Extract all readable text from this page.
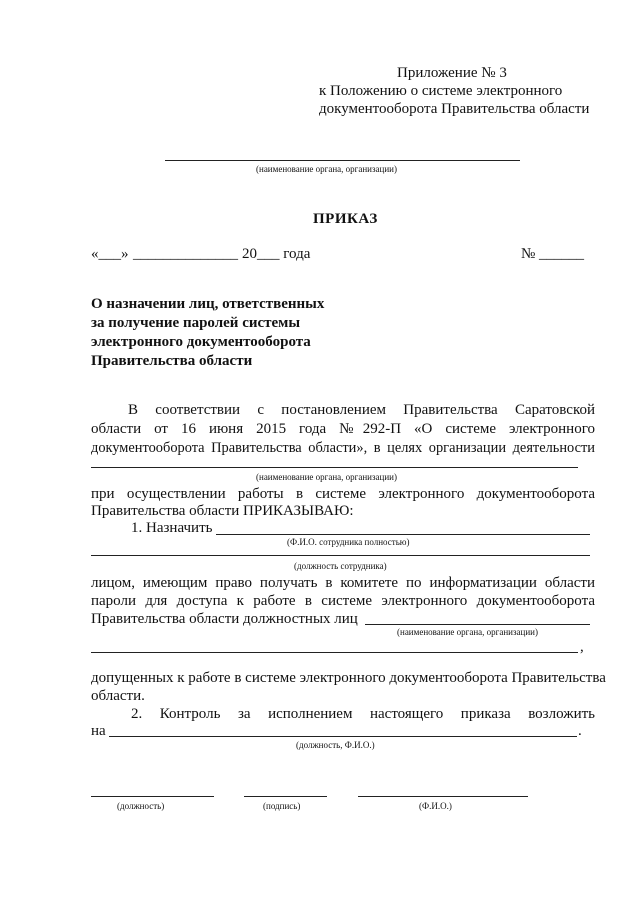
Приложение № 3
к Положению о системе электронного
документооборота Правительства области
(наименование органа, организации)
ПРИКАЗ
«___» ______________ 20___ года	№ ______
О назначении лиц, ответственных
за получение паролей системы
электронного документооборота
Правительства области
В соответствии с постановлением Правительства Саратовской
области от 16 июня 2015 года №292-П «О системе электронного
документооборота Правительства области», в целях организации деятельности
(наименование органа, организации)
при осуществлении работы в системе электронного документооборота
Правительства области ПРИКАЗЫВАЮ:
1. Назначить
(Ф.И.О. сотрудника полностью)
(должность сотрудника)
лицом, имеющим право получать в комитете по информатизации области
пароли для доступа к работе в системе электронного документооборота
Правительства области должностных лиц
(наименование органа, организации)
,
допущенных к работе в системе электронного документооборота Правительства
области.
2. Контроль за исполнением настоящего приказа возложить
на	.
(должность, Ф.И.О.)
(должность)	(подпись)	(Ф.И.О.)
